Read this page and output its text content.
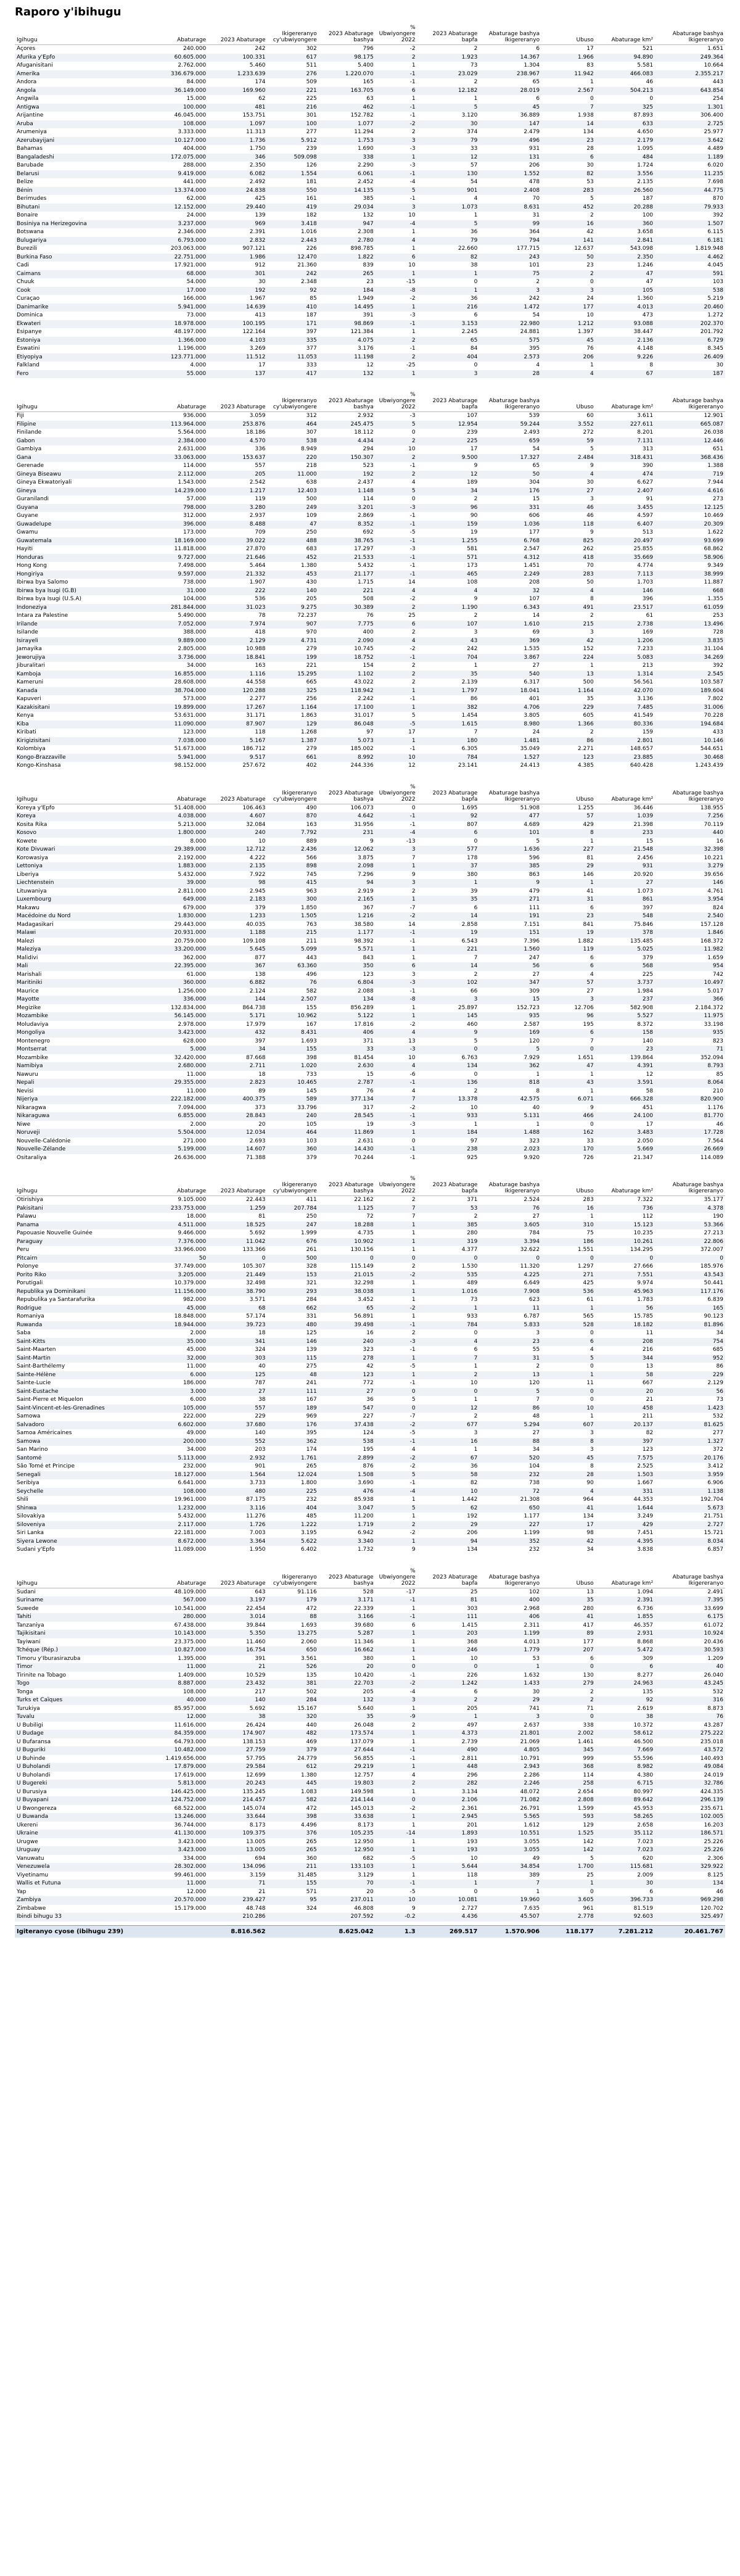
Raporo y'ibihugu
Igihugu	Abaturage	2023 Abaturage	Ikigereranyo cy'ubwiyongere	2023 Abaturage bashya	% Ubwiyongere 2022	2023 Abaturage bapfa	Abaturage bashya Ikigereranyo	Ubuso	Abaturage km²	Abaturage bashya Ikigereranyo
Açores	240.000	242	302	796	-2	2	6	17	521	1.651
Afurika y'Epfo	60.605.000	100.331	617	98.175	2	1.923	14.367	1.966	94.890	249.364
Afuganisitani	2.762.000	5.460	511	5.400	1	73	1.304	83	5.581	10.664
Amerika	336.679.000	1.233.639	276	1.220.070	-1	23.029	238.967	11.942	466.083	2.355.217
Andora	84.000	174	509	165	-1	2	65	1	46	443
Angola	36.149.000	169.960	221	163.705	6	12.182	28.019	2.567	504.213	643.854
Angwila	15.000	62	225	63	1	1	6	0	0	254
Antigwa	100.000	481	216	462	-1	5	45	7	325	1.301
Arijantine	46.045.000	153.751	301	152.782	-1	3.120	36.889	1.938	87.893	306.400
Aruba	108.000	1.097	100	1.077	-2	30	147	14	633	2.725
Arumeniya	3.333.000	11.313	277	11.294	2	374	2.479	134	4.650	25.977
Azerubayijani	10.127.000	1.736	5.912	1.753	3	79	496	23	2.179	3.642
Bahamas	404.000	1.750	239	1.690	-3	33	931	28	1.095	4.489
Bangaladeshi	172.075.000	346	509.098	338	1	12	131	6	484	1.189
Barubade	288.000	2.350	126	2.290	-3	57	206	30	1.724	6.020
Belarusi	9.419.000	6.082	1.554	6.061	-1	130	1.552	82	3.556	11.235
Belize	441.000	2.492	181	2.452	-4	54	478	53	2.135	7.698
Bénin	13.374.000	24.838	550	14.135	5	901	2.408	283	26.560	44.775
Berimudes	62.000	425	161	385	-1	4	70	5	187	870
Bihutani	12.152.000	29.440	419	29.034	3	1.073	8.631	452	20.288	79.933
Bonaire	24.000	139	182	132	10	1	31	2	100	392
Bosiniya na Herizegovina	3.237.000	969	3.418	947	-4	5	99	16	360	1.507
Botswana	2.346.000	2.391	1.016	2.308	1	36	364	42	3.658	6.115
Bulugariya	6.793.000	2.832	2.443	2.780	4	79	794	141	2.841	6.181
Burezili	203.063.000	907.121	226	898.785	1	22.660	177.715	12.637	543.098	1.819.948
Burkina Faso	22.751.000	1.986	12.470	1.822	6	82	243	50	2.350	4.462
Cadi	17.921.000	912	21.360	839	10	38	101	23	1.246	4.045
Caimans	68.000	301	242	265	1	1	75	2	47	591
Chuuk	54.000	30	2.348	23	-15	0	2	0	47	103
Cook	17.000	192	92	184	-8	1	3	3	105	538
Curaçao	166.000	1.967	85	1.949	-2	36	242	24	1.360	5.219
Danimarike	5.941.000	14.639	410	14.495	1	216	1.472	177	4.013	20.460
Dominica	73.000	413	187	391	-3	6	54	10	473	1.272
Ekwateri	18.978.000	100.195	171	98.869	-1	3.153	22.980	1.212	93.088	202.370
Esipanye	48.197.000	122.164	397	121.384	1	2.245	24.881	1.397	38.447	201.792
Estoniya	1.366.000	4.103	335	4.075	2	65	575	45	2.136	6.729
Eswatini	1.196.000	3.269	377	3.176	-1	84	395	76	4.148	8.345
Etiyopiya	123.771.000	11.512	11.053	11.198	2	404	2.573	206	9.226	26.409
Falkland	4.000	17	333	12	-25	0	4	1	8	30
Fero	55.000	137	417	132	1	3	28	4	67	187
Igihugu	Abaturage	2023 Abaturage	Ikigereranyo cy'ubwiyongere	2023 Abaturage bashya	% Ubwiyongere 2022	2023 Abaturage bapfa	Abaturage bashya Ikigereranyo	Ubuso	Abaturage km²	Abaturage bashya Ikigereranyo
Fiji	936.000	3.059	312	2.932	-3	107	539	60	3.611	12.901
Filipine	113.964.000	253.876	464	245.475	5	12.954	59.244	3.552	227.611	665.087
Finilande	5.564.000	18.186	307	18.112	0	239	2.493	272	8.201	26.038
Gabon	2.384.000	4.570	538	4.434	2	225	659	59	7.131	12.446
Gambiya	2.631.000	336	8.949	294	10	17	54	5	313	651
Gana	33.063.000	153.637	220	150.307	2	9.500	17.327	2.484	318.431	368.436
Gerenade	114.000	557	218	523	-1	9	65	9	390	1.388
Gineya Biseawu	2.112.000	205	11.000	192	2	12	50	4	474	719
Gineya Ekwatoriyali	1.543.000	2.542	638	2.437	4	189	304	30	6.627	7.944
Gineya	14.239.000	1.217	12.403	1.148	5	34	176	27	2.407	4.616
Guranilandi	57.000	119	500	114	0	2	15	3	91	273
Guyana	798.000	3.280	249	3.201	-3	96	331	46	3.455	12.125
Guyane	312.000	2.937	109	2.869	-1	90	606	46	4.597	10.469
Guwadelupe	396.000	8.488	47	8.352	-1	159	1.036	118	6.407	20.309
Gwamu	173.000	709	250	692	-5	19	177	9	513	1.622
Guwatemala	18.169.000	39.022	488	38.765	-1	1.255	6.768	825	20.497	93.699
Hayiti	11.818.000	27.870	683	17.297	-3	581	2.547	262	25.855	68.862
Honduras	9.727.000	21.646	452	21.533	-1	571	4.312	418	35.669	58.906
Hong Kong	7.498.000	5.464	1.380	5.432	-1	173	1.451	70	4.774	9.349
Hongiriya	9.597.000	21.332	453	21.177	-1	465	2.249	283	7.113	38.999
Ibirwa bya Salomo	738.000	1.907	430	1.715	14	108	208	50	1.703	11.887
Ibirwa bya Isugi (G.B)	31.000	222	140	221	4	4	32	4	146	668
Ibirwa bya Isugi (U.S.A)	104.000	536	205	508	-2	9	107	8	396	1.355
Indoneziya	281.844.000	31.023	9.275	30.389	2	1.190	6.343	491	23.517	61.059
Intara za Palestine	5.490.000	78	72.237	76	25	2	14	2	61	253
Irilande	7.052.000	7.974	907	7.775	6	107	1.610	215	2.738	13.496
Isilande	388.000	418	970	400	2	3	69	3	169	728
Isirayeli	9.889.000	2.129	4.731	2.090	4	43	369	42	1.206	3.835
Jamayika	2.805.000	10.988	279	10.745	-2	242	1.535	152	7.233	31.104
Jeworujiya	3.736.000	18.841	199	18.752	-1	704	3.867	224	5.083	34.269
Jiburalitari	34.000	163	221	154	2	1	27	1	213	392
Kamboja	16.855.000	1.116	15.295	1.102	2	35	540	13	1.314	2.545
Kameruni	28.608.000	44.558	665	43.022	2	2.139	6.317	500	56.561	103.587
Kanada	38.704.000	120.288	325	118.942	1	1.797	18.041	1.164	42.070	189.604
Kapuveri	573.000	2.277	256	2.242	-1	86	401	35	3.136	7.802
Kazakisitani	19.899.000	17.267	1.164	17.100	1	382	4.706	229	7.485	31.006
Kenya	53.631.000	31.171	1.863	31.017	5	1.454	3.805	605	41.549	70.228
Kiba	11.090.000	87.907	129	86.048	-5	1.615	8.980	1.366	80.336	194.684
Kiribati	123.000	118	1.268	97	17	7	24	2	159	433
Kirigizisitani	7.038.000	5.167	1.387	5.073	1	180	1.481	86	2.801	10.146
Kolombiya	51.673.000	186.712	279	185.002	-1	6.305	35.049	2.271	148.657	544.651
Kongo-Brazzaville	5.941.000	9.517	661	8.992	10	784	1.527	123	23.885	30.468
Kongo-Kinshasa	98.152.000	257.672	402	244.336	12	23.141	24.413	4.385	640.428	1.243.439
Igihugu	Abaturage	2023 Abaturage	Ikigereranyo cy'ubwiyongere	2023 Abaturage bashya	% Ubwiyongere 2022	2023 Abaturage bapfa	Abaturage bashya Ikigereranyo	Ubuso	Abaturage km²	Abaturage bashya Ikigereranyo
Koreya y'Epfo	51.408.000	106.463	490	106.073	0	1.695	51.908	1.255	36.446	138.955
Koreya	4.038.000	4.607	870	4.642	-1	92	477	57	1.039	7.256
Kosita Rika	5.213.000	32.084	163	31.956	-1	807	4.689	429	21.398	70.119
Kosovo	1.800.000	240	7.792	231	-4	6	101	8	233	440
Kowete	8.000	10	889	9	-13	0	5	1	15	16
Kote Divuwari	29.389.000	12.712	2.436	12.062	3	577	1.636	227	21.548	32.398
Korowasiya	2.192.000	4.222	566	3.875	7	178	596	81	2.456	10.221
Lettoniya	1.883.000	2.135	898	2.098	1	37	385	29	931	3.279
Liberiya	5.432.000	7.922	745	7.296	9	380	863	146	20.920	39.656
Liechtenstein	39.000	98	415	94	3	1	9	1	27	146
Lituwaniya	2.811.000	2.945	963	2.919	2	39	479	41	1.073	4.761
Luxembourg	649.000	2.183	300	2.165	1	35	271	31	861	3.954
Makawu	679.000	379	1.850	367	-7	6	111	6	397	824
Macédoine du Nord	1.830.000	1.233	1.505	1.216	-2	14	191	23	548	2.540
Madagasikari	29.443.000	40.035	763	38.580	14	2.858	7.151	841	75.846	157.128
Malawi	20.931.000	1.188	215	1.177	-1	19	151	19	378	1.846
Malezi	20.759.000	109.108	211	98.392	-1	6.543	7.396	1.882	135.485	168.372
Maleziya	33.200.000	5.645	5.099	5.571	1	221	1.560	119	5.025	11.982
Malidivi	362.000	877	443	843	1	7	247	6	379	1.659
Mali	22.395.000	367	63.360	350	6	14	56	6	568	954
Marishali	61.000	138	496	123	3	2	27	4	225	742
Maritiniki	360.000	6.882	76	6.804	-3	102	347	57	3.737	10.497
Maurice	1.256.000	2.124	582	2.088	-1	66	309	27	1.984	5.017
Mayotte	336.000	144	2.507	134	-8	3	15	3	237	366
Megizike	132.834.000	864.738	155	856.289	1	25.897	152.723	12.706	582.908	2.184.372
Mozambike	56.145.000	5.171	10.962	5.122	1	145	935	96	5.527	11.975
Moludaviya	2.978.000	17.979	167	17.816	-2	460	2.587	195	8.372	33.198
Mongoliya	3.423.000	432	8.431	406	4	9	169	6	158	935
Montenegro	628.000	397	1.693	371	13	5	120	7	140	823
Montserrat	5.000	34	155	33	-3	0	5	0	23	71
Mozambike	32.420.000	87.668	398	81.454	10	6.763	7.929	1.651	139.864	352.094
Namibiya	2.680.000	2.711	1.020	2.630	4	134	362	47	4.391	8.793
Nawuru	11.000	18	733	15	-6	0	1	1	12	85
Nepali	29.355.000	2.823	10.465	2.787	-1	136	818	43	3.591	8.064
Nevisi	11.000	89	145	76	4	2	8	1	58	210
Nijeriya	222.182.000	400.375	589	377.134	7	13.378	42.575	6.071	666.328	820.900
Nikaragwa	7.094.000	373	33.796	317	-2	10	40	9	451	1.176
Nikaraguwa	6.855.000	28.843	240	28.545	-1	933	5.131	466	24.100	81.770
Niwe	2.000	20	105	19	-3	1	1	0	17	46
Noruveji	5.504.000	12.034	464	11.869	1	184	1.488	162	3.483	17.728
Nouvelle-Calédonie	271.000	2.693	103	2.631	0	97	323	33	2.050	7.564
Nouvelle-Zélande	5.199.000	14.607	360	14.430	-1	238	2.023	170	5.669	26.669
Ositaraliya	26.636.000	71.388	379	70.244	-1	925	9.920	726	21.347	114.089
Igihugu	Abaturage	2023 Abaturage	Ikigereranyo cy'ubwiyongere	2023 Abaturage bashya	% Ubwiyongere 2022	2023 Abaturage bapfa	Abaturage bashya Ikigereranyo	Ubuso	Abaturage km²	Abaturage bashya Ikigereranyo
Otirishiya	9.105.000	22.443	411	22.162	2	371	2.524	283	7.322	35.177
Pakisitani	233.753.000	1.259	207.784	1.125	7	53	76	16	736	4.378
Palawu	18.000	81	250	72	7	2	27	1	112	190
Panama	4.511.000	18.525	247	18.288	1	385	3.605	310	15.123	53.366
Papouasie Nouvelle Guinée	9.466.000	5.692	1.999	4.735	1	280	784	75	10.235	27.213
Paraguay	7.376.000	11.042	676	10.902	1	319	3.394	186	10.261	22.806
Peru	33.966.000	133.366	261	130.156	1	4.377	32.622	1.551	134.295	372.007
Pitcairn	50	0	500	0	0	0	0	0	0	0
Polonye	37.749.000	105.307	328	115.149	2	1.530	11.320	1.297	27.666	185.976
Porito Riko	3.205.000	21.449	153	21.015	-2	535	4.225	271	7.551	43.543
Porutigali	10.379.000	32.498	321	32.298	1	489	6.649	425	9.974	50.441
Republika ya Dominikani	11.156.000	38.790	293	38.038	1	1.016	7.908	536	45.963	117.176
Repubulika ya Santarafurika	982.000	3.571	284	3.452	1	73	623	61	1.783	6.839
Rodrigue	45.000	68	662	65	-2	1	11	1	56	165
Romaniya	18.848.000	57.174	331	56.891	1	933	6.787	565	15.785	90.123
Ruwanda	18.944.000	39.723	480	39.498	-1	784	5.833	528	18.182	81.896
Saba	2.000	18	125	16	2	0	3	0	11	34
Saint-Kitts	35.000	341	146	240	-3	4	23	6	208	754
Saint-Maarten	45.000	324	139	323	-1	6	55	4	216	685
Saint-Martin	32.000	303	115	278	1	7	31	5	344	952
Saint-Barthélemy	11.000	40	275	42	-5	1	2	0	13	86
Sainte-Hélène	6.000	125	48	123	1	2	13	1	58	229
Sainte-Lucie	186.000	787	241	772	-1	10	120	11	667	2.129
Saint-Eustache	3.000	27	111	27	0	0	5	0	20	56
Saint-Pierre et Miquelon	6.000	38	167	36	5	1	7	0	21	73
Saint-Vincent-et-les-Grenadines	105.000	557	189	547	0	12	86	10	458	1.423
Samowa	222.000	229	969	227	-7	2	48	1	211	532
Salvadoro	6.602.000	37.680	176	37.438	-2	677	5.294	607	20.137	81.625
Samoa Américaines	49.000	140	395	124	-5	3	27	3	82	277
Samowa	200.000	552	362	538	-1	16	88	8	397	1.327
San Marino	34.000	203	174	195	4	1	34	3	123	372
Santomé	5.113.000	2.932	1.761	2.899	-2	67	520	45	7.575	20.176
São Tomé et Principe	232.000	901	265	876	-2	36	104	8	2.525	3.412
Senegali	18.127.000	1.564	12.024	1.508	5	58	232	28	1.503	3.959
Seribiya	6.641.000	3.733	1.800	3.690	-1	82	738	90	1.667	6.906
Seychelle	108.000	480	225	476	-4	10	72	4	331	1.138
Shili	19.961.000	87.175	232	85.938	1	1.442	21.308	964	44.353	192.704
Shinwa	1.232.000	3.116	404	3.047	5	62	650	41	1.644	5.673
Silovakiya	5.432.000	11.276	485	11.200	1	192	1.177	134	3.249	21.751
Siloveniya	2.117.000	1.726	1.222	1.719	2	29	227	17	429	2.727
Siri Lanka	22.181.000	7.003	3.195	6.942	-2	206	1.199	98	7.451	15.721
Siyera Lewone	8.672.000	3.364	5.622	3.340	1	94	352	42	4.395	8.034
Sudani y'Epfo	11.089.000	1.950	6.402	1.732	9	134	232	34	3.838	6.857
Igihugu	Abaturage	2023 Abaturage	Ikigereranyo cy'ubwiyongere	2023 Abaturage bashya	% Ubwiyongere 2022	2023 Abaturage bapfa	Abaturage bashya Ikigereranyo	Ubuso	Abaturage km²	Abaturage bashya Ikigereranyo
Sudani	48.109.000	643	91.116	528	-17	25	102	13	1.094	2.491
Suriname	567.000	3.197	179	3.171	-1	81	400	35	2.391	7.395
Suwede	10.541.000	22.454	472	22.339	1	303	2.968	280	6.736	33.699
Tahiti	280.000	3.014	88	3.166	-1	111	406	41	1.855	6.175
Tanzaniya	67.438.000	39.844	1.693	39.680	6	1.415	2.311	417	46.357	61.072
Tajikisitani	10.143.000	5.350	13.275	5.287	1	203	1.199	89	2.931	10.924
Tayiwani	23.375.000	11.460	2.060	11.346	1	368	4.013	177	8.868	20.436
Tchéque (Rép.)	10.827.000	16.754	650	16.662	1	246	1.779	207	5.472	30.593
Timoru y'Iburasirazuba	1.395.000	391	3.561	380	1	10	53	6	309	1.209
Timor	11.000	21	526	20	0	0	1	0	6	40
Tirinite na Tobago	1.409.000	10.529	135	10.420	-1	226	1.632	130	8.277	26.040
Togo	8.887.000	23.432	381	22.703	-2	1.242	1.433	279	24.963	43.245
Tonga	108.000	217	502	205	-4	6	30	2	135	532
Turks et Caïques	40.000	140	284	132	3	2	29	2	92	316
Turukiya	85.957.000	5.692	15.167	5.640	1	205	741	71	2.619	8.873
Tuvalu	12.000	38	320	35	-9	1	3	0	38	76
U Bubiligi	11.616.000	26.424	440	26.048	2	497	2.637	338	10.372	43.287
U Budage	84.359.000	174.907	482	173.574	1	4.373	21.801	2.002	58.612	275.222
U Bufaransa	64.793.000	138.153	469	137.079	1	2.739	21.069	1.461	46.500	235.018
U Buguriki	10.482.000	27.759	379	27.644	-1	490	4.805	345	7.669	43.572
U Buhinde	1.419.656.000	57.795	24.779	56.855	-1	2.811	10.791	999	55.596	140.493
U Buholandi	17.879.000	29.584	612	29.219	1	448	2.943	368	8.982	49.084
U Buholandi	17.619.000	12.699	1.380	12.757	4	296	2.286	114	4.380	24.019
U Bugereki	5.813.000	20.243	445	19.803	2	282	2.246	258	6.715	32.786
U Burusiya	146.425.000	135.245	1.083	149.598	1	3.134	48.072	2.654	80.997	424.335
U Buyapani	124.752.000	214.457	582	214.144	0	2.106	71.082	2.808	89.642	296.139
U Bwongereza	68.522.000	145.074	472	145.013	-2	2.361	26.791	1.599	45.953	235.671
U Buwanda	13.246.000	33.644	398	33.638	1	2.945	5.565	593	58.265	102.005
Ukereni	36.744.000	8.173	4.496	8.173	1	201	1.612	129	2.658	16.203
Ukraine	41.130.000	109.375	376	105.235	-14	1.893	10.551	1.525	35.112	186.571
Urugwe	3.423.000	13.005	265	12.950	1	193	3.055	142	7.023	25.226
Uruguay	3.423.000	13.005	265	12.950	1	193	3.055	142	7.023	25.226
Vanuwatu	334.000	694	360	682	-5	10	49	5	620	2.306
Venezuwela	28.302.000	134.096	211	133.103	1	5.644	34.854	1.700	115.681	329.922
Viyetinamu	99.461.000	3.159	31.485	3.129	1	118	389	25	2.009	8.125
Wallis et Futuna	11.000	71	155	70	-1	1	7	1	30	134
Yap	12.000	21	571	20	-5	0	1	0	6	46
Zambiya	20.570.000	239.427	95	237.011	10	10.081	19.960	3.605	396.733	969.298
Zimbabwe	15.179.000	48.748	324	46.808	9	2.727	7.635	961	81.519	120.702
Ibindi bihugu 33		210.286		207.592	-0.2	4.436	45.507	2.778	92.603	325.497
Igiteranyo cyose (ibihugu 239)		8.816.562		8.625.042	1.3	269.517	1.570.906	118.177	7.281.212	20.461.767
